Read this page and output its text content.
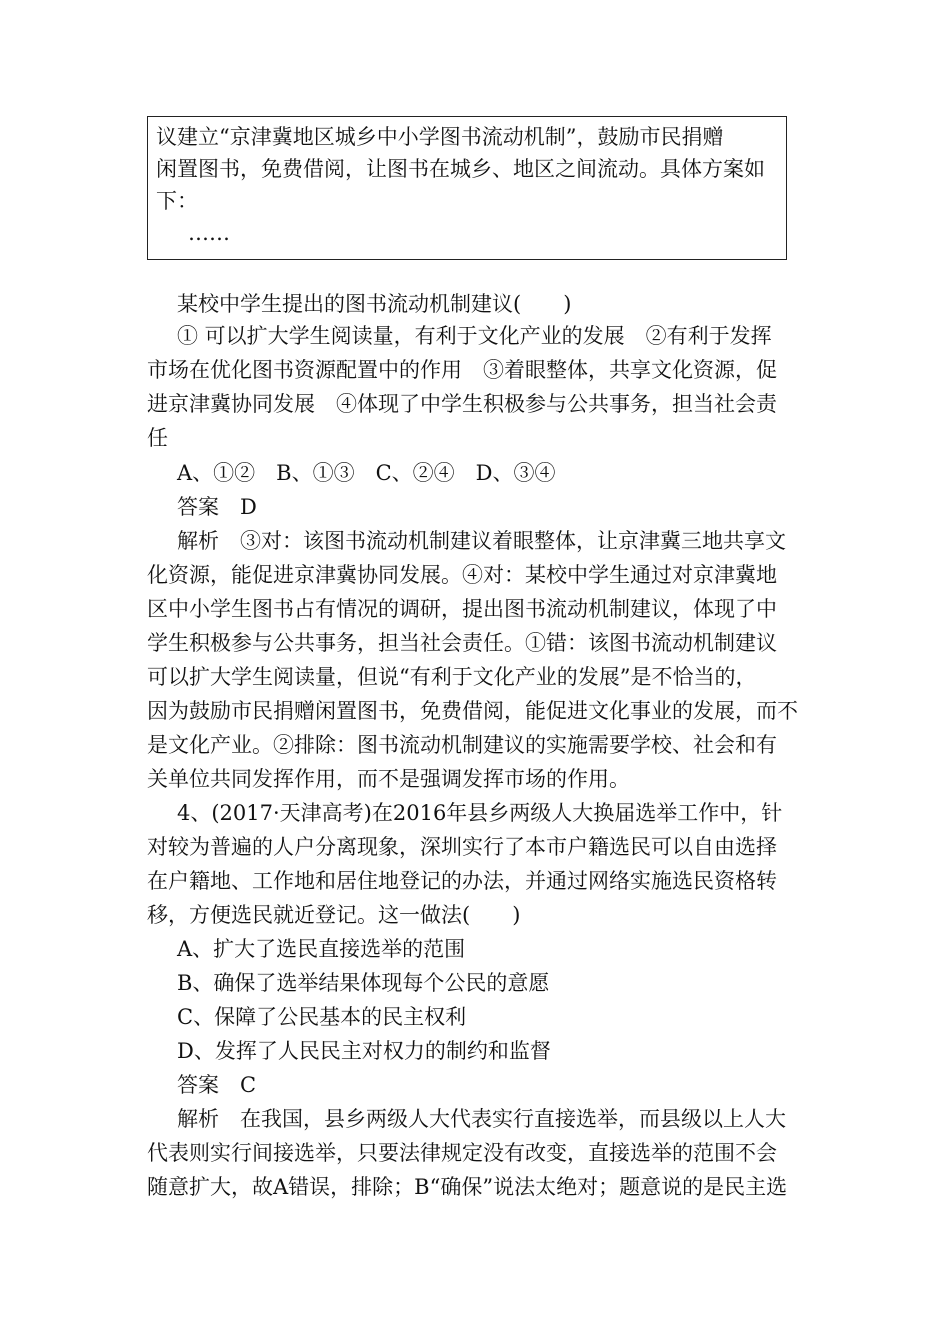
议建立“京津冀地区城乡中小学图书流动机制”，鼓励市民捐赠
闲置图书，免费借阅，让图书在城乡、地区之间流动。具体方案如
下：
……
某校中学生提出的图书流动机制建议(　　)
① 可以扩大学生阅读量，有利于文化产业的发展　②有利于发挥
市场在优化图书资源配置中的作用　③着眼整体，共享文化资源，促
进京津冀协同发展　④体现了中学生积极参与公共事务，担当社会责
任
A、①②　B、①③　C、②④　D、③④
答案　D
解析　③对：该图书流动机制建议着眼整体，让京津冀三地共享文
化资源，能促进京津冀协同发展。④对：某校中学生通过对京津冀地
区中小学生图书占有情况的调研，提出图书流动机制建议，体现了中
学生积极参与公共事务，担当社会责任。①错：该图书流动机制建议
可以扩大学生阅读量，但说“有利于文化产业的发展”是不恰当的，
因为鼓励市民捐赠闲置图书，免费借阅，能促进文化事业的发展，而不
是文化产业。②排除：图书流动机制建议的实施需要学校、社会和有
关单位共同发挥作用，而不是强调发挥市场的作用。
4、(2017·天津高考)在2016年县乡两级人大换届选举工作中，针
对较为普遍的人户分离现象，深圳实行了本市户籍选民可以自由选择
在户籍地、工作地和居住地登记的办法，并通过网络实施选民资格转
移，方便选民就近登记。这一做法(　　)
A、扩大了选民直接选举的范围
B、确保了选举结果体现每个公民的意愿
C、保障了公民基本的民主权利
D、发挥了人民民主对权力的制约和监督
答案　C
解析　在我国，县乡两级人大代表实行直接选举，而县级以上人大
代表则实行间接选举，只要法律规定没有改变，直接选举的范围不会
随意扩大，故A错误，排除；B“确保”说法太绝对；题意说的是民主选
